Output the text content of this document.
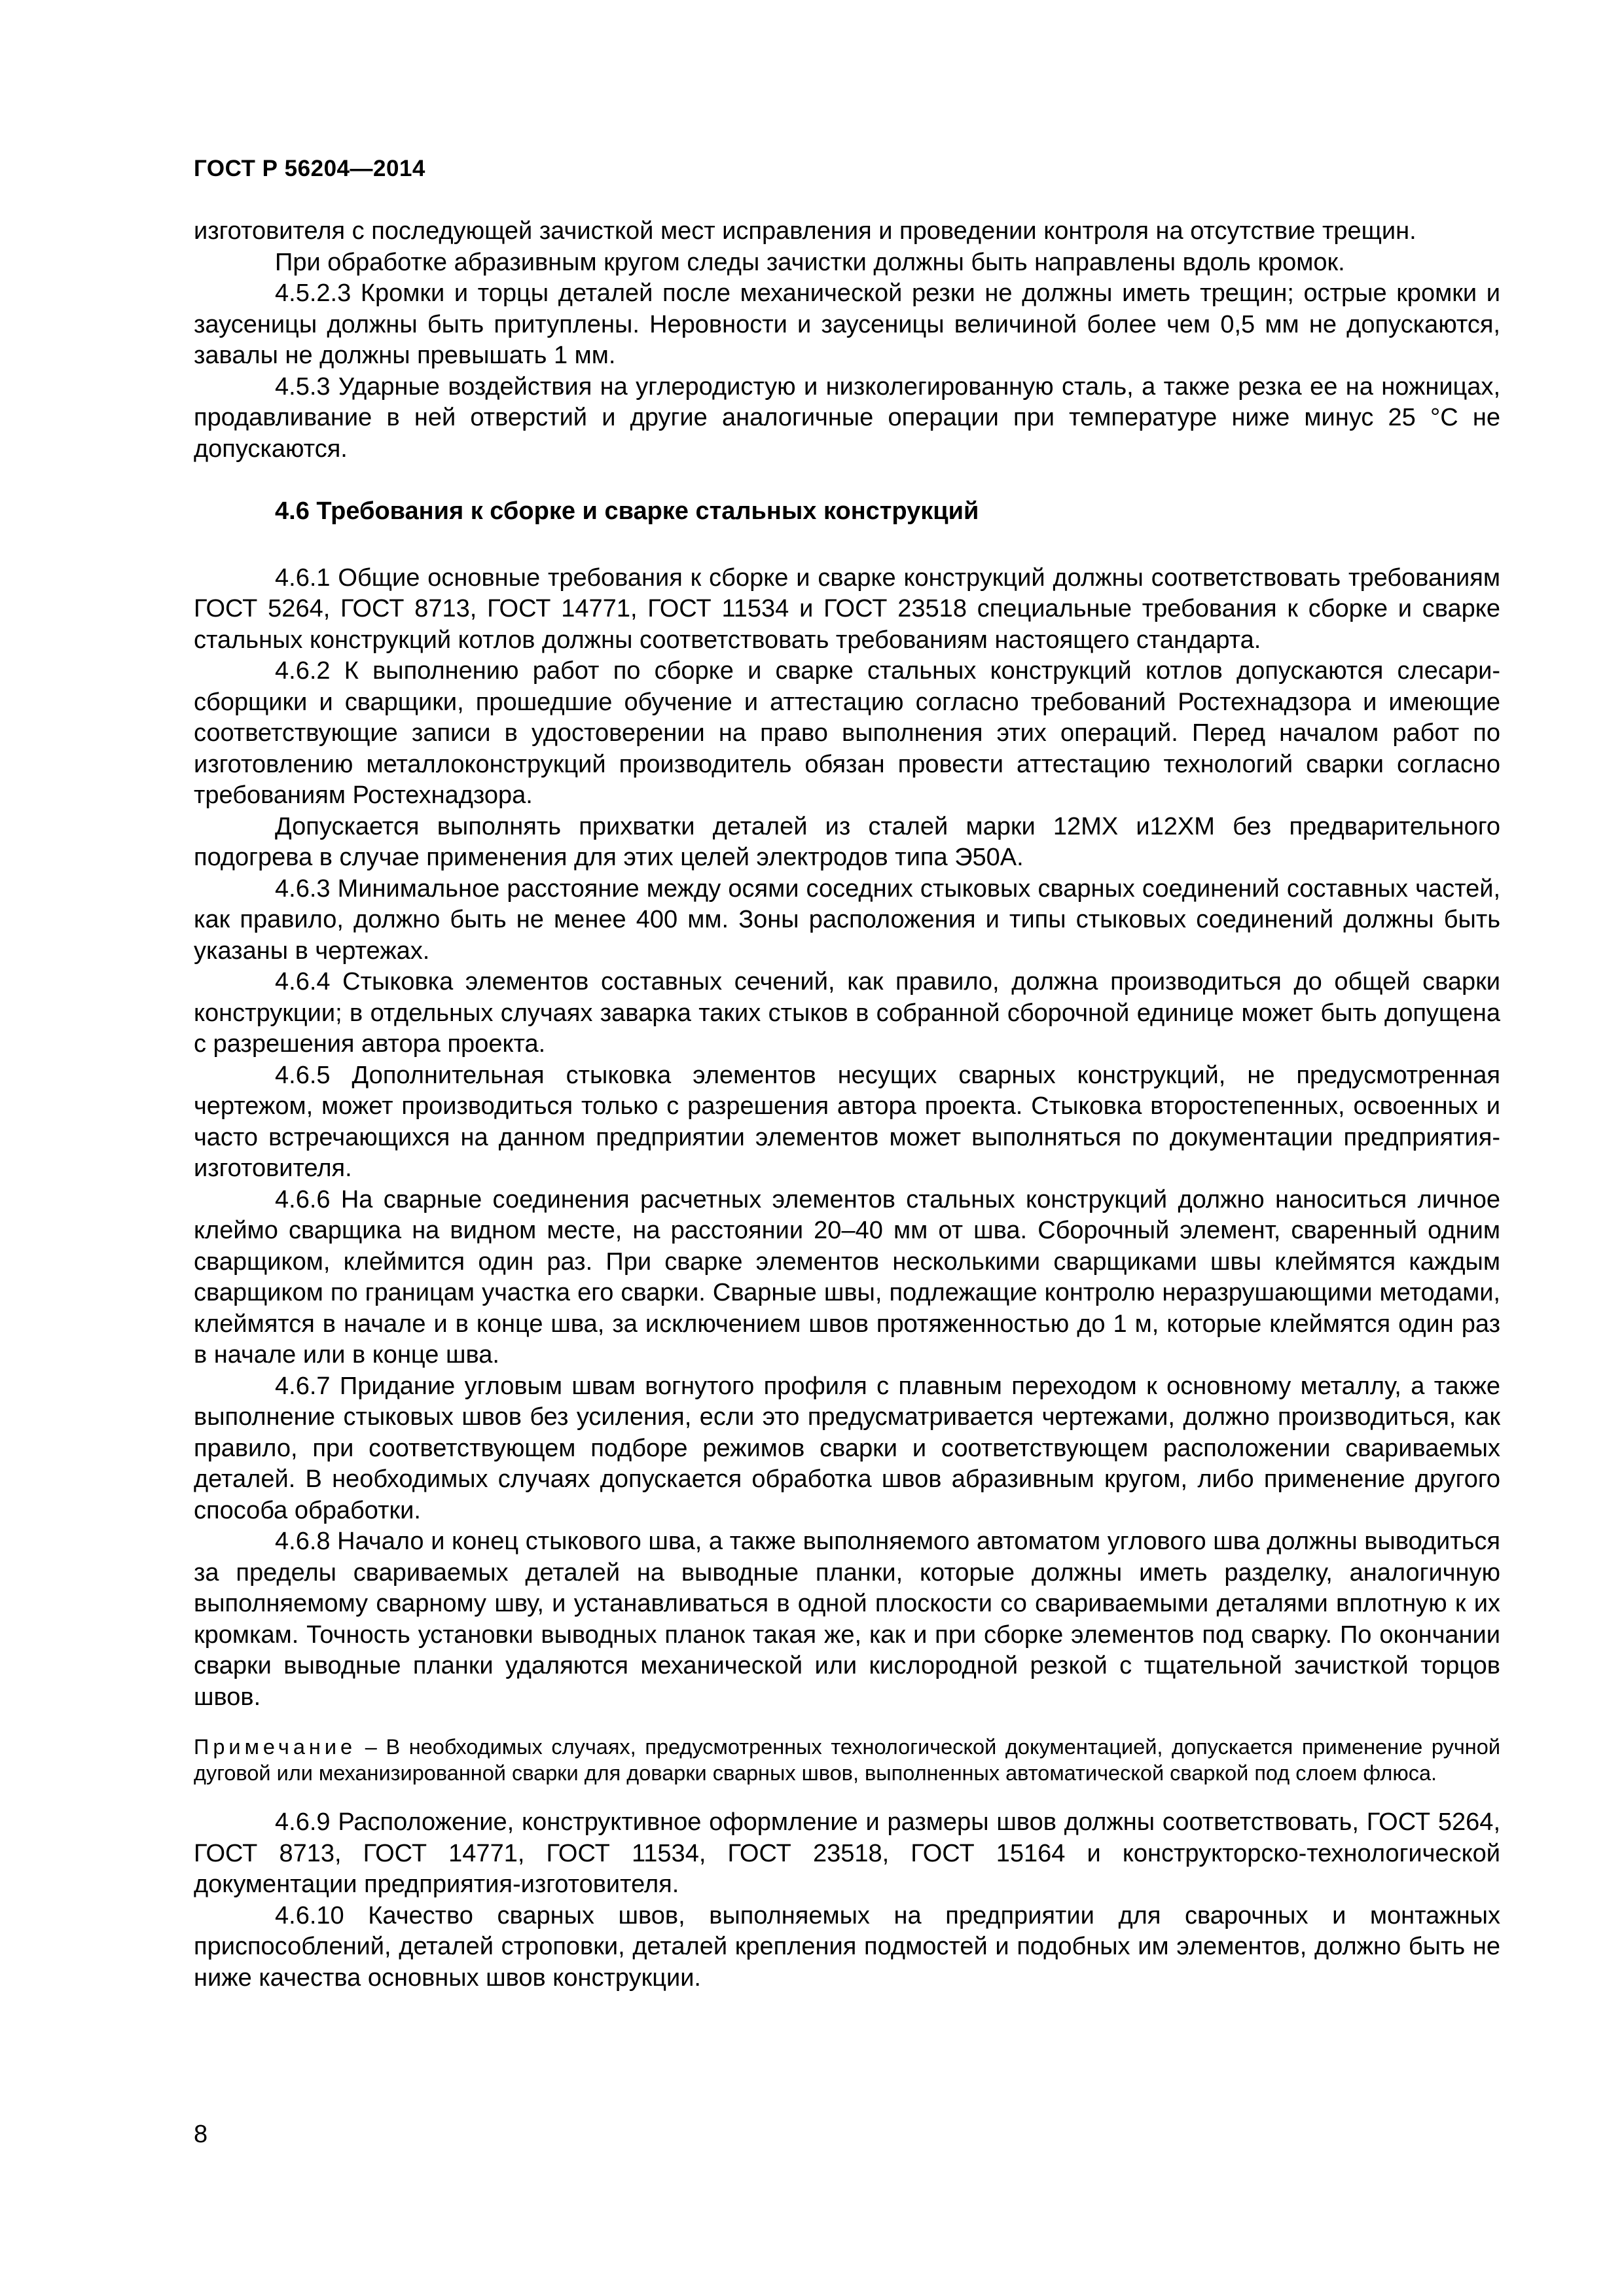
ГОСТ Р 56204—2014

изготовителя с последующей зачисткой мест исправления и проведении контроля на отсутствие трещин.

При обработке абразивным кругом следы зачистки должны быть направлены вдоль кромок.

4.5.2.3 Кромки и торцы деталей после механической резки не должны иметь трещин; острые кромки и заусеницы должны быть притуплены. Неровности и заусеницы величиной более чем 0,5 мм не допускаются, завалы не должны превышать 1 мм.

4.5.3 Ударные воздействия на углеродистую и низколегированную сталь, а также резка ее на ножницах, продавливание в ней отверстий и другие аналогичные операции при температуре ниже минус 25 °С не допускаются.

4.6 Требования к сборке и сварке стальных конструкций

4.6.1 Общие основные требования к сборке и сварке конструкций должны соответствовать требованиям ГОСТ 5264, ГОСТ 8713, ГОСТ 14771, ГОСТ 11534 и ГОСТ 23518 специальные требования к сборке и сварке стальных конструкций котлов должны соответствовать требованиям настоящего стандарта.

4.6.2 К выполнению работ по сборке и сварке стальных конструкций котлов допускаются слесари-сборщики и сварщики, прошедшие обучение и аттестацию согласно требований Ростехнадзора и имеющие соответствующие записи в удостоверении на право выполнения этих операций. Перед началом работ по изготовлению металлоконструкций производитель обязан провести аттестацию технологий сварки согласно требованиям Ростехнадзора.

Допускается выполнять прихватки деталей из сталей марки 12МХ и12ХМ без предварительного подогрева в случае применения для этих целей электродов типа Э50А.

4.6.3 Минимальное расстояние между осями соседних стыковых сварных соединений составных частей, как правило, должно быть не менее 400 мм. Зоны расположения и типы стыковых соединений должны быть указаны в чертежах.

4.6.4 Стыковка элементов составных сечений, как правило, должна производиться до общей сварки конструкции; в отдельных случаях заварка таких стыков в собранной сборочной единице может быть допущена с разрешения автора проекта.

4.6.5 Дополнительная стыковка элементов несущих сварных конструкций, не предусмотренная чертежом, может производиться только с разрешения автора проекта. Стыковка второстепенных, освоенных и часто встречающихся на данном предприятии элементов может выполняться по документации предприятия-изготовителя.

4.6.6 На сварные соединения расчетных элементов стальных конструкций должно наноситься личное клеймо сварщика на видном месте, на расстоянии 20–40 мм от шва. Сборочный элемент, сваренный одним сварщиком, клеймится один раз. При сварке элементов несколькими сварщиками швы клеймятся каждым сварщиком по границам участка его сварки. Сварные швы, подлежащие контролю неразрушающими методами, клеймятся в начале и в конце шва, за исключением швов протяженностью до 1 м, которые клеймятся один раз в начале или в конце шва.

4.6.7 Придание угловым швам вогнутого профиля с плавным переходом к основному металлу, а также выполнение стыковых швов без усиления, если это предусматривается чертежами, должно производиться, как правило, при соответствующем подборе режимов сварки и соответствующем расположении свариваемых деталей. В необходимых случаях допускается обработка швов абразивным кругом, либо применение другого способа обработки.

4.6.8 Начало и конец стыкового шва, а также выполняемого автоматом углового шва должны выводиться за пределы свариваемых деталей на выводные планки, которые должны иметь разделку, аналогичную выполняемому сварному шву, и устанавливаться в одной плоскости со свариваемыми деталями вплотную к их кромкам. Точность установки выводных планок такая же, как и при сборке элементов под сварку. По окончании сварки выводные планки удаляются механической или кислородной резкой с тщательной зачисткой торцов швов.

Примечание – В необходимых случаях, предусмотренных технологической документацией, допускается применение ручной дуговой или механизированной сварки для доварки сварных швов, выполненных автоматической сваркой под слоем флюса.

4.6.9 Расположение, конструктивное оформление и размеры швов должны соответствовать, ГОСТ 5264, ГОСТ 8713, ГОСТ 14771, ГОСТ 11534, ГОСТ 23518, ГОСТ 15164 и конструкторско-технологической документации предприятия-изготовителя.

4.6.10 Качество сварных швов, выполняемых на предприятии для сварочных и монтажных приспособлений, деталей строповки, деталей крепления подмостей и подобных им элементов, должно быть не ниже качества основных швов конструкции.

8
